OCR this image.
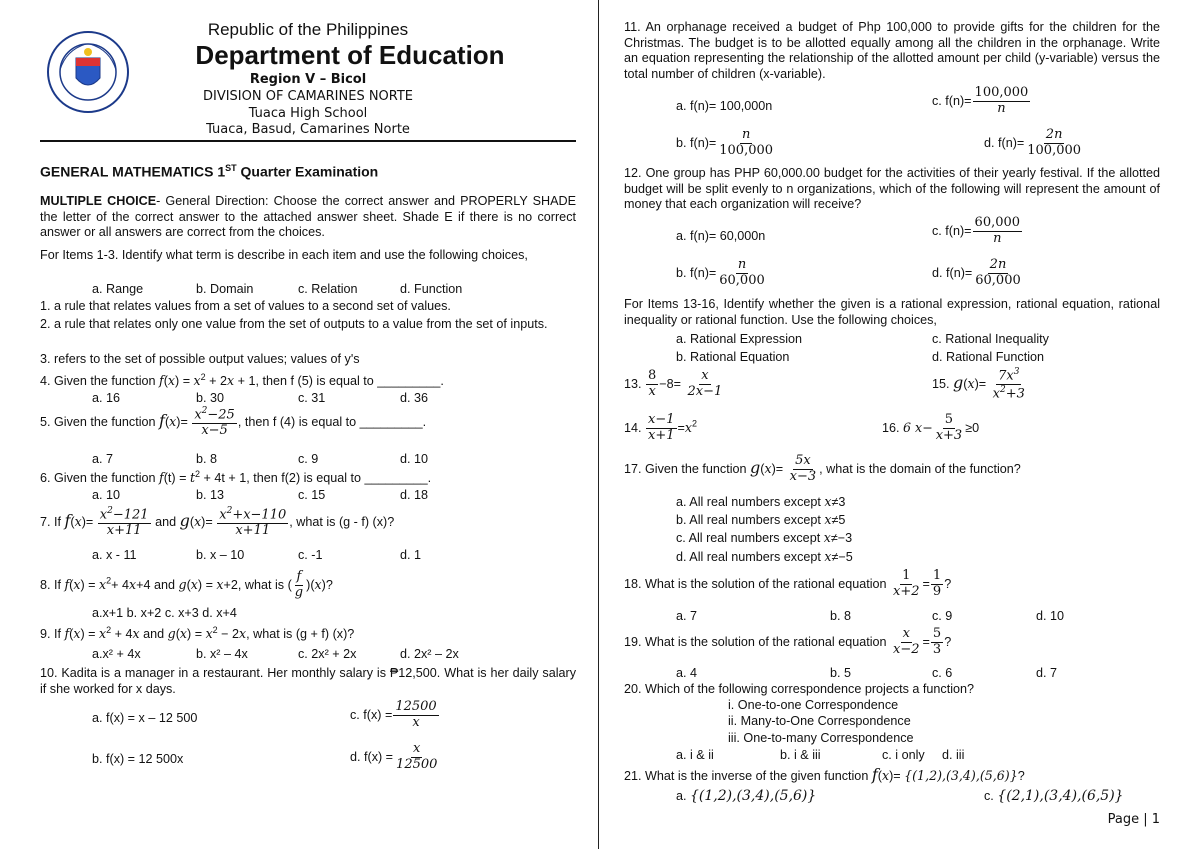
Republic of the Philippines
Department of Education
Region V – Bicol
DIVISION OF CAMARINES NORTE
Tuaca High School
Tuaca, Basud, Camarines Norte
GENERAL MATHEMATICS 1ST Quarter Examination
MULTIPLE CHOICE- General Direction: Choose the correct answer and PROPERLY SHADE the letter of the correct answer to the attached answer sheet. Shade E if there is no correct answer or all answers are correct from the choices.
For Items 1-3. Identify what term is describe in each item and use the following choices,
a. Range	b. Domain	c. Relation	d. Function
1. a rule that relates values from a set of values to a second set of values.
2. a rule that relates only one value from the set of outputs to a value from the set of inputs.
3. refers to the set of possible output values; values of y's
4. Given the function $f(x) = x^2 + 2x + 1$, then f (5) is equal to _________.
a. 16	b. 30	c. 31	d. 36
5. Given the function $f(x)= \frac{x^2-25}{x-5}$ , then f (4) is equal to _________.
a. 7	b. 8	c. 9	d. 10
6. Given the function $f(t) = t^2 + 4t + 1$, then f(2) is equal to _________.
a. 10	b. 13	c. 15	d. 18
7. If $f(x)= \frac{x^2-121}{x+11}$ and $g(x)= \frac{x^2+x-110}{x+11}$ , what is (g - f) (x)?
a. x - 11	b. x – 10	c. -1	d. 1
8. If $f(x) = x^2+ 4x+4$ and g(x) = x+2, what is ( $\frac{f}{g} )(x)$?
a.x+1 b. x+2 c. x+3 d. x+4
9. If $f(x) = x^2 + 4x$ and $g(x) = x^2 - 2x$, what is (g + f) (x)?
a.x² + 4x	b. x² – 4x	c. 2x² + 2x	d. 2x² – 2x
10. Kadita is a manager in a restaurant. Her monthly salary is ₱12,500. What is her daily salary if she worked for x days.
a. f(x) = x – 12 500	c. $f(x) = \frac{12500}{x}$
b. f(x) = 12 500x	d. $f(x) = \frac{x}{12500}$
11. An orphanage received a budget of Php 100,000 to provide gifts for the children for the Christmas. The budget is to be allotted equally among all the children in the orphanage. Write an equation representing the relationship of the allotted amount per child (y-variable) versus the total number of children (x-variable).
a. f(n)= 100,000n	c. $f(n)= \frac{100,000}{n}$
b. $f(n)= \frac{n}{100,000}$	d. $f(n)= \frac{2n}{100,000}$
12. One group has PHP 60,000.00 budget for the activities of their yearly festival. If the allotted budget will be split evenly to n organizations, which of the following will represent the amount of money that each organization will receive?
a. f(n)= 60,000n	c. $f(n)= \frac{60,000}{n}$
b. $f(n)= \frac{n}{60,000}$	d. $f(n)= \frac{2n}{60,000}$
For Items 13-16, Identify whether the given is a rational expression, rational equation, rational inequality or rational function. Use the following choices,
a. Rational Expression	c. Rational Inequality
b. Rational Equation	d. Rational Function
13. $\frac{8}{x} -8= \frac{x}{2x-1}$	15. $g(x)= \frac{7x^3}{x^2+3}$
14. $\frac{x-1}{x+1} =x^2$	16. 6 $x- \frac{5}{x+3} \ge 0$
17. Given the function $g(x)= \frac{5x}{x-3}$ , what is the domain of the function?
a. All real numbers except x≠3
b. All real numbers except x≠5
c. All real numbers except x≠−3
d. All real numbers except x≠−5
18. What is the solution of the rational equation $\frac{1}{x+2} = \frac{1}{9}$ ?
a. 7	b. 8	c. 9	d. 10
19. What is the solution of the rational equation $\frac{x}{x-2} = \frac{5}{3}$ ?
a. 4	b. 5	c. 6	d. 7
20. Which of the following correspondence projects a function?
i. One-to-one Correspondence
ii. Many-to-One Correspondence
iii. One-to-many Correspondence
a. i & ii	b. i & iii	c. i only d. iii
21. What is the inverse of the given function f(x)= {(1,2),(3,4),(5,6)}?
a. {(1,2),(3,4),(5,6)}	c. {(2,1),(3,4),(6,5)}
Page | 1
